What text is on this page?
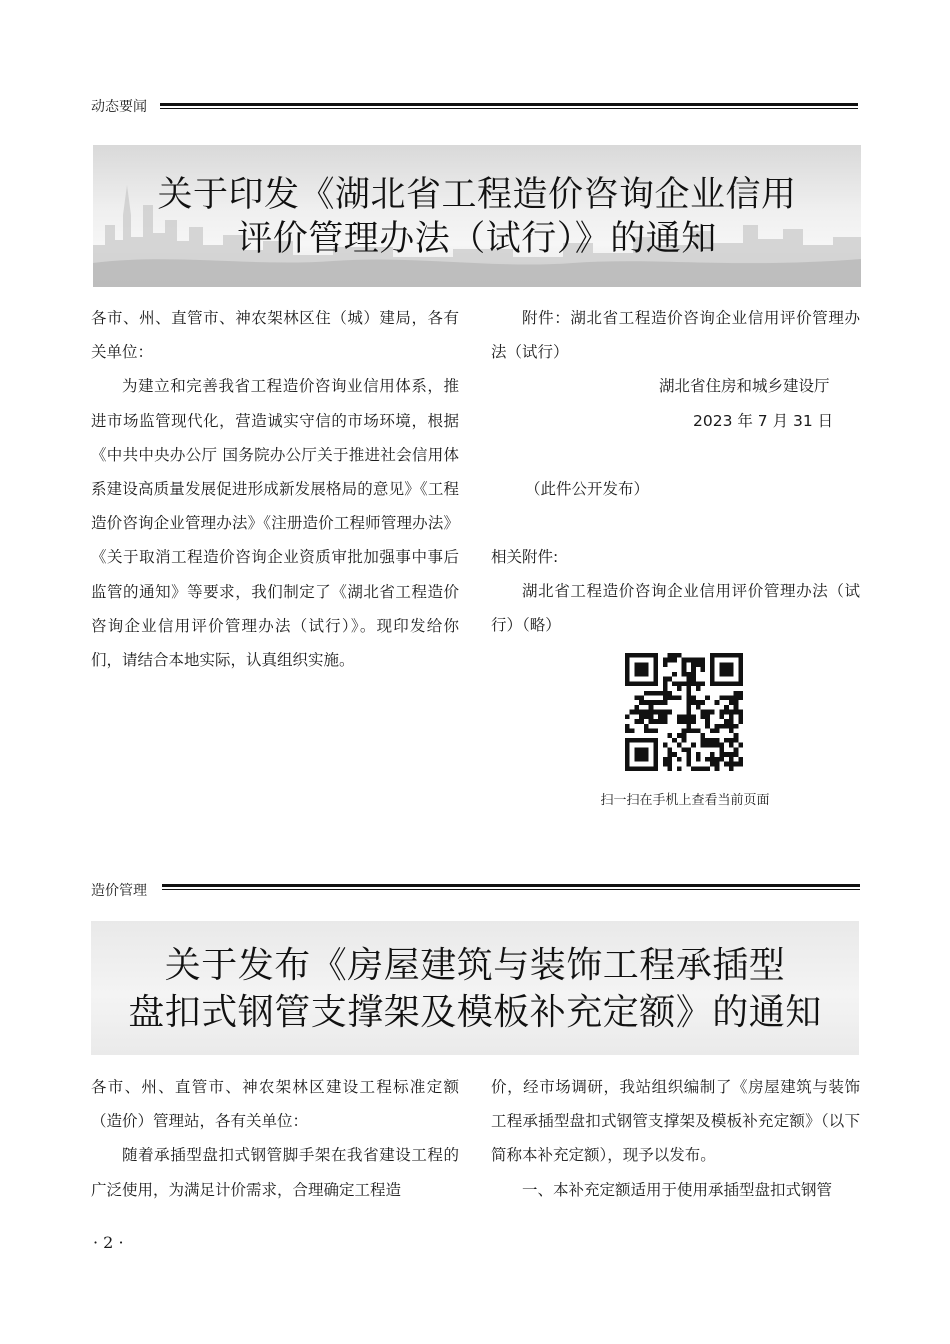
动态要闻
关于印发《湖北省工程造价咨询企业信用
评价管理办法（试行）》的通知

各市、州、直管市、神农架林区住（城）建局，各有关单位：

为建立和完善我省工程造价咨询业信用体系，推进市场监管现代化，营造诚实守信的市场环境，根据《中共中央办公厅 国务院办公厅关于推进社会信用体系建设高质量发展促进形成新发展格局的意见》《工程造价咨询企业管理办法》《注册造价工程师管理办法》《关于取消工程造价咨询企业资质审批加强事中事后监管的通知》等要求，我们制定了《湖北省工程造价咨询企业信用评价管理办法（试行）》。现印发给你们，请结合本地实际，认真组织实施。

附件：湖北省工程造价咨询企业信用评价管理办法（试行）

湖北省住房和城乡建设厅

2023 年 7 月 31 日

（此件公开发布）

相关附件:

湖北省工程造价咨询企业信用评价管理办法（试行）（略）

扫一扫在手机上查看当前页面
造价管理
关于发布《房屋建筑与装饰工程承插型
盘扣式钢管支撑架及模板补充定额》的通知

各市、州、直管市、神农架林区建设工程标准定额（造价）管理站，各有关单位：

随着承插型盘扣式钢管脚手架在我省建设工程的广泛使用，为满足计价需求，合理确定工程造

价，经市场调研，我站组织编制了《房屋建筑与装饰工程承插型盘扣式钢管支撑架及模板补充定额》（以下简称本补充定额），现予以发布。

一、本补充定额适用于使用承插型盘扣式钢管

· 2 ·
